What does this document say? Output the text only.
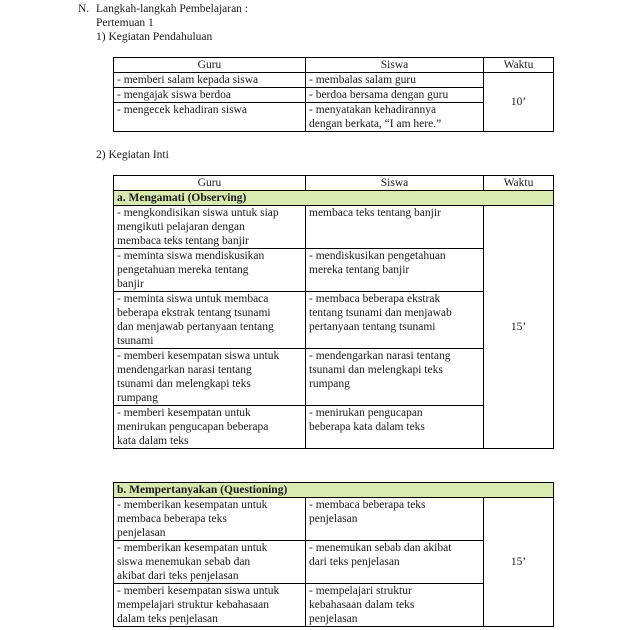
N. Langkah-langkah Pembelajaran :
Pertemuan 1
1) Kegiatan Pendahuluan
Guru	Siswa	Waktu
- memberi salam kepada siswa	- membalas salam guru	10’
- mengajak siswa berdoa	- berdoa bersama dengan guru	
- mengecek kehadiran siswa	- menyatakan kehadirannya
dengan berkata, “I am here.”	
2) Kegiatan Inti
Guru	Siswa	Waktu
a. Mengamati (Observing)		
- mengkondisikan siswa untuk siap
mengikuti pelajaran dengan
membaca teks tentang banjir	membaca teks tentang banjir	15’
- meminta siswa mendiskusikan
pengetahuan mereka tentang
banjir	- mendiskusikan pengetahuan
mereka tentang banjir	
- meminta siswa untuk membaca
beberapa ekstrak tentang tsunami
dan menjawab pertanyaan tentang
tsunami	- membaca beberapa ekstrak
tentang tsunami dan menjawab
pertanyaan tentang tsunami	
- memberi kesempatan siswa untuk
mendengarkan narasi tentang
tsunami dan melengkapi teks
rumpang	- mendengarkan narasi tentang
tsunami dan melengkapi teks
rumpang	
- memberi kesempatan untuk
menirukan pengucapan beberapa
kata dalam teks	- menirukan pengucapan
beberapa kata dalam teks	
b. Mempertanyakan (Questioning)		
- memberikan kesempatan untuk
membaca beberapa teks
penjelasan	- membaca beberapa teks
penjelasan	15’
- memberikan kesempatan untuk
siswa menemukan sebab dan
akibat dari teks penjelasan	- menemukan sebab dan akibat
dari teks penjelasan	
- memberi kesempatan siswa untuk
mempelajari struktur kebahasaan
dalam teks penjelasan	- mempelajari struktur
kebahasaan dalam teks
penjelasan	
